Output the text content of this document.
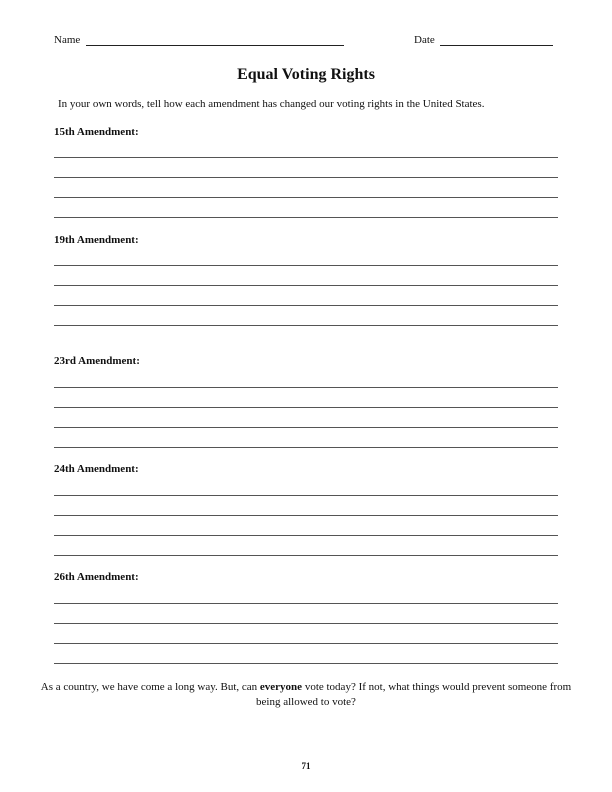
Name	Date
Equal Voting Rights
In your own words, tell how each amendment has changed our voting rights in the United States.
15th Amendment:
19th Amendment:
23rd Amendment:
24th Amendment:
26th Amendment:
As a country, we have come a long way. But, can everyone vote today? If not, what things would prevent someone from being allowed to vote?
71
